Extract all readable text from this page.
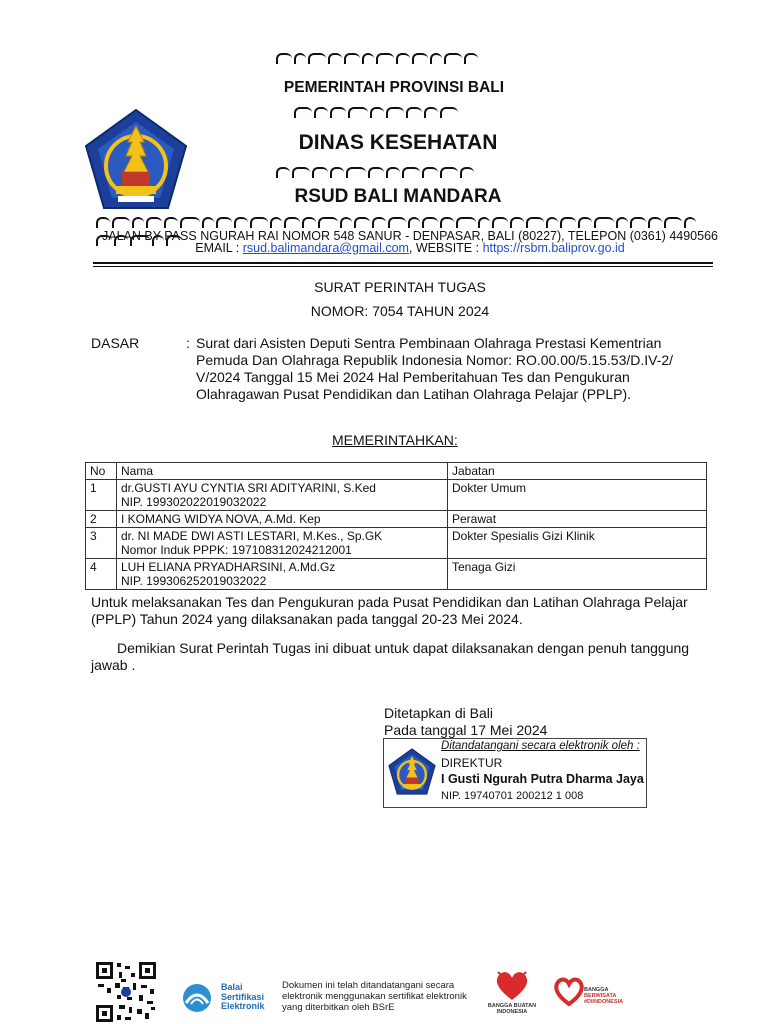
PEMERINTAH PROVINSI BALI
DINAS KESEHATAN
RSUD BALI MANDARA
JALAN BY PASS NGURAH RAI NOMOR 548 SANUR - DENPASAR, BALI (80227), TELEPON (0361) 4490566
EMAIL : rsud.balimandara@gmail.com, WEBSITE : https://rsbm.baliprov.go.id
SURAT PERINTAH TUGAS
NOMOR: 7054 TAHUN 2024
DASAR	: Surat dari Asisten Deputi Sentra Pembinaan Olahraga Prestasi Kementrian
Pemuda Dan Olahraga Republik Indonesia Nomor: RO.00.00/5.15.53/D.IV-2/
V/2024 Tanggal 15 Mei 2024 Hal Pemberitahuan Tes dan Pengukuran
Olahragawan Pusat Pendidikan dan Latihan Olahraga Pelajar (PPLP).
MEMERINTAHKAN:
No	Nama	Jabatan
1	dr.GUSTI AYU CYNTIA SRI ADITYARINI, S.Ked
NIP. 199302022019032022	Dokter Umum
2	I KOMANG WIDYA NOVA, A.Md. Kep	Perawat
3	dr. NI MADE DWI ASTI LESTARI, M.Kes., Sp.GK
Nomor Induk PPPK: 197108312024212001	Dokter Spesialis Gizi Klinik
4	LUH ELIANA PRYADHARSINI, A.Md.Gz
NIP. 199306252019032022	Tenaga Gizi
Untuk melaksanakan Tes dan Pengukuran pada Pusat Pendidikan dan Latihan Olahraga Pelajar
(PPLP) Tahun 2024 yang dilaksanakan pada tanggal 20-23 Mei 2024.
Demikian Surat Perintah Tugas ini dibuat untuk dapat dilaksanakan dengan penuh tanggung
jawab .
Ditetapkan di Bali
Pada tanggal 17 Mei 2024
Ditandatangani secara elektronik oleh :
DIREKTUR
I Gusti Ngurah Putra Dharma Jaya
NIP. 19740701 200212 1 008
Balai
Sertifikasi
Elektronik
Dokumen ini telah ditandatangani secara
elektronik menggunakan sertifikat elektronik
yang diterbitkan oleh BSrE	BANGGA BUATAN
INDONESIA
BANGGA
BERWISATA
#DIINDONESIA
